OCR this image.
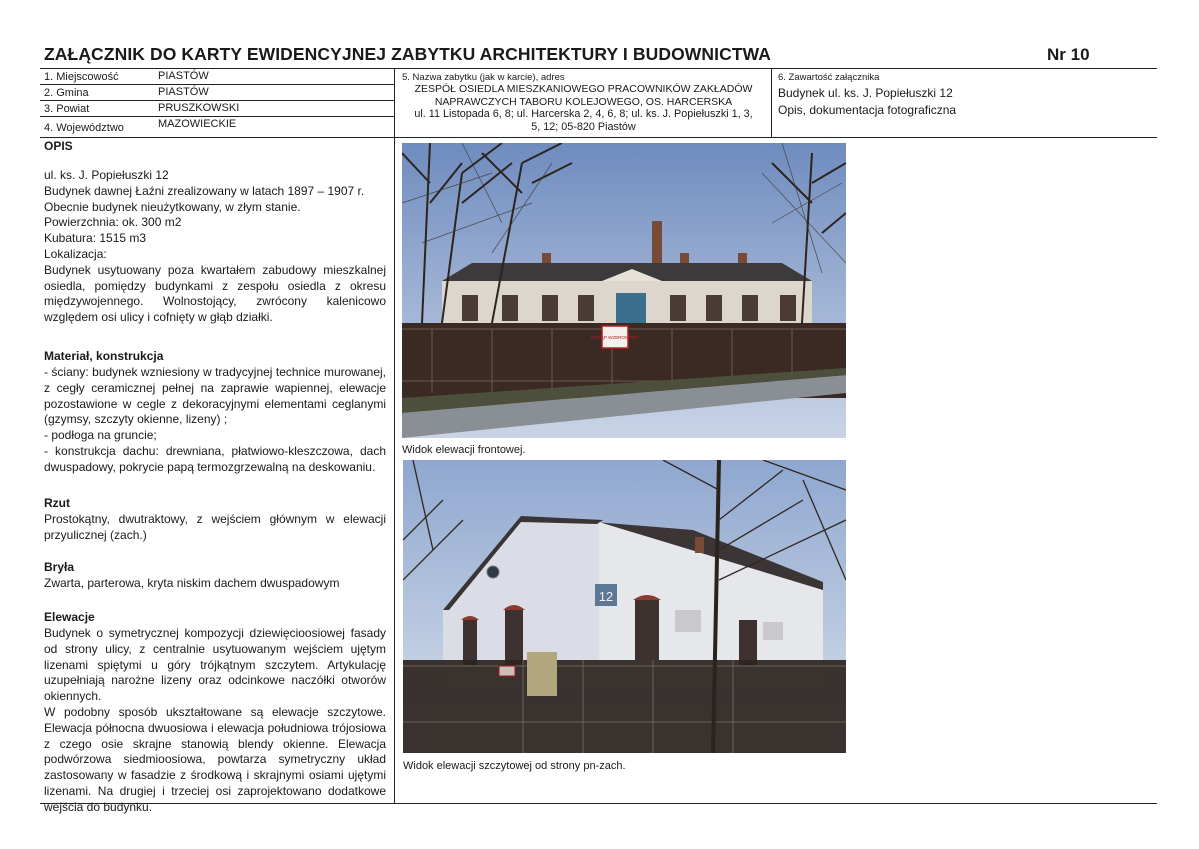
ZAŁĄCZNIK DO KARTY EWIDENCYJNEJ ZABYTKU ARCHITEKTURY I BUDOWNICTWA	Nr 10
1. Miejscowość	PIASTÓW
2. Gmina	PIASTÓW
3. Powiat	PRUSZKOWSKI
4. Województwo	MAZOWIECKIE
5. Nazwa zabytku (jak w karcie), adres
ZESPÓŁ OSIEDLA MIESZKANIOWEGO PRACOWNIKÓW ZAKŁADÓW
NAPRAWCZYCH TABORU KOLEJOWEGO, OS. HARCERSKA
ul. 11 Listopada 6, 8; ul. Harcerska 2, 4, 6, 8; ul. ks. J. Popiełuszki 1, 3,
5, 12; 05-820 Piastów
6. Zawartość załącznika
Budynek ul. ks. J. Popiełuszki 12
Opis, dokumentacja fotograficzna
OPIS

ul. ks. J. Popiełuszki 12

Budynek dawnej Łaźni zrealizowany w latach 1897 – 1907 r.

Obecnie budynek nieużytkowany, w złym stanie.

Powierzchnia: ok. 300 m2

Kubatura: 1515 m3

Lokalizacja:

Budynek usytuowany poza kwartałem zabudowy mieszkalnej osiedla, pomiędzy budynkami z zespołu osiedla z okresu międzywojennego. Wolnostojący, zwrócony kalenicowo względem osi ulicy i cofnięty w głąb działki.

Materiał, konstrukcja

- ściany: budynek wzniesiony w tradycyjnej technice murowanej, z cegły ceramicznej pełnej na zaprawie wapiennej, elewacje pozostawione w cegle z dekoracyjnymi elementami ceglanymi (gzymsy, szczyty okienne, lizeny) ;

- podłoga na gruncie;

- konstrukcja dachu: drewniana, płatwiowo-kleszczowa, dach dwuspadowy, pokrycie papą termozgrzewalną na deskowaniu.

Rzut
Prostokątny, dwutraktowy, z wejściem głównym w elewacji przyulicznej (zach.)
Bryła
Zwarta, parterowa, kryta niskim dachem dwuspadowym
Elewacje

Budynek o symetrycznej kompozycji dziewięcioosiowej fasady od strony ulicy, z centralnie usytuowanym wejściem ujętym lizenami spiętymi u góry trójkątnym szczytem. Artykulację uzupełniają narożne lizeny oraz odcinkowe naczółki otworów okiennych.

W podobny sposób ukształtowane są elewacje szczytowe. Elewacja północna dwuosiowa i elewacja południowa trójosiowa z czego osie skrajne stanowią blendy okienne. Elewacja podwórzowa siedmioosiowa, powtarza symetryczny układ zastosowany w fasadzie z środkową i skrajnymi osiami ujętymi lizenami. Na drugiej i trzeciej osi zaprojektowano dodatkowe wejścia do budynku.

WSTĘP WZBRONIONY
Widok elewacji frontowej.
12
Widok elewacji szczytowej od strony pn-zach.
